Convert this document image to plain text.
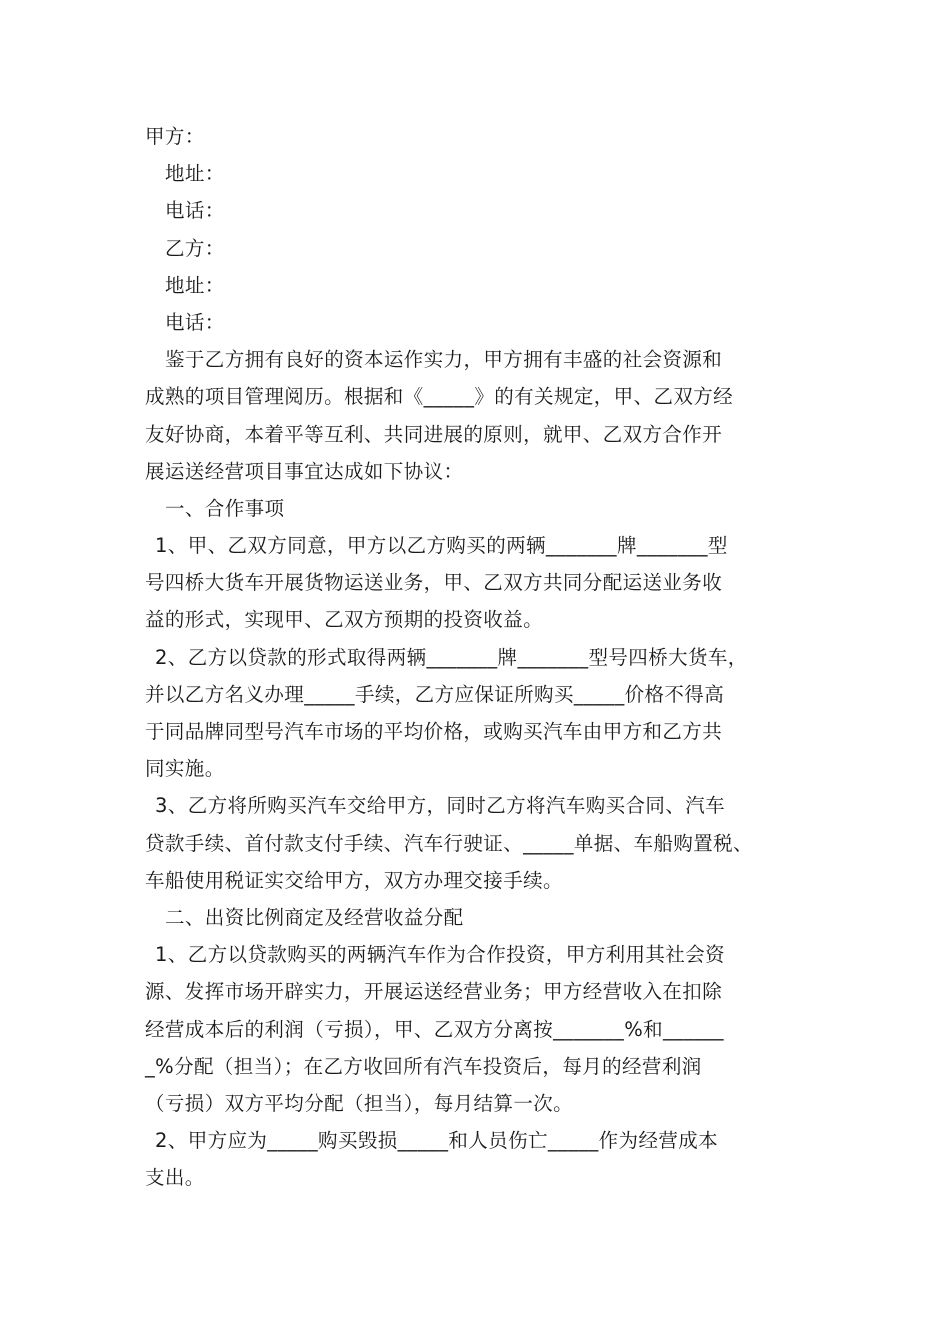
甲方：

地址：

电话：

乙方：

地址：

电话：

鉴于乙方拥有良好的资本运作实力，甲方拥有丰盛的社会资源和

成熟的项目管理阅历。根据和《_____》的有关规定，甲、乙双方经

友好协商，本着平等互利、共同进展的原则，就甲、乙双方合作开

展运送经营项目事宜达成如下协议：

一、合作事项

1、甲、乙双方同意，甲方以乙方购买的两辆_______牌_______型

号四桥大货车开展货物运送业务，甲、乙双方共同分配运送业务收

益的形式，实现甲、乙双方预期的投资收益。

2、乙方以贷款的形式取得两辆_______牌_______型号四桥大货车，

并以乙方名义办理_____手续，乙方应保证所购买_____价格不得高

于同品牌同型号汽车市场的平均价格，或购买汽车由甲方和乙方共

同实施。

3、乙方将所购买汽车交给甲方，同时乙方将汽车购买合同、汽车

贷款手续、首付款支付手续、汽车行驶证、_____单据、车船购置税、

车船使用税证实交给甲方，双方办理交接手续。

二、出资比例商定及经营收益分配

1、乙方以贷款购买的两辆汽车作为合作投资，甲方利用其社会资

源、发挥市场开辟实力，开展运送经营业务；甲方经营收入在扣除

经营成本后的利润（亏损），甲、乙双方分离按_______%和______

_%分配（担当）；在乙方收回所有汽车投资后，每月的经营利润

（亏损）双方平均分配（担当），每月结算一次。

2、甲方应为_____购买毁损_____和人员伤亡_____作为经营成本

支出。
